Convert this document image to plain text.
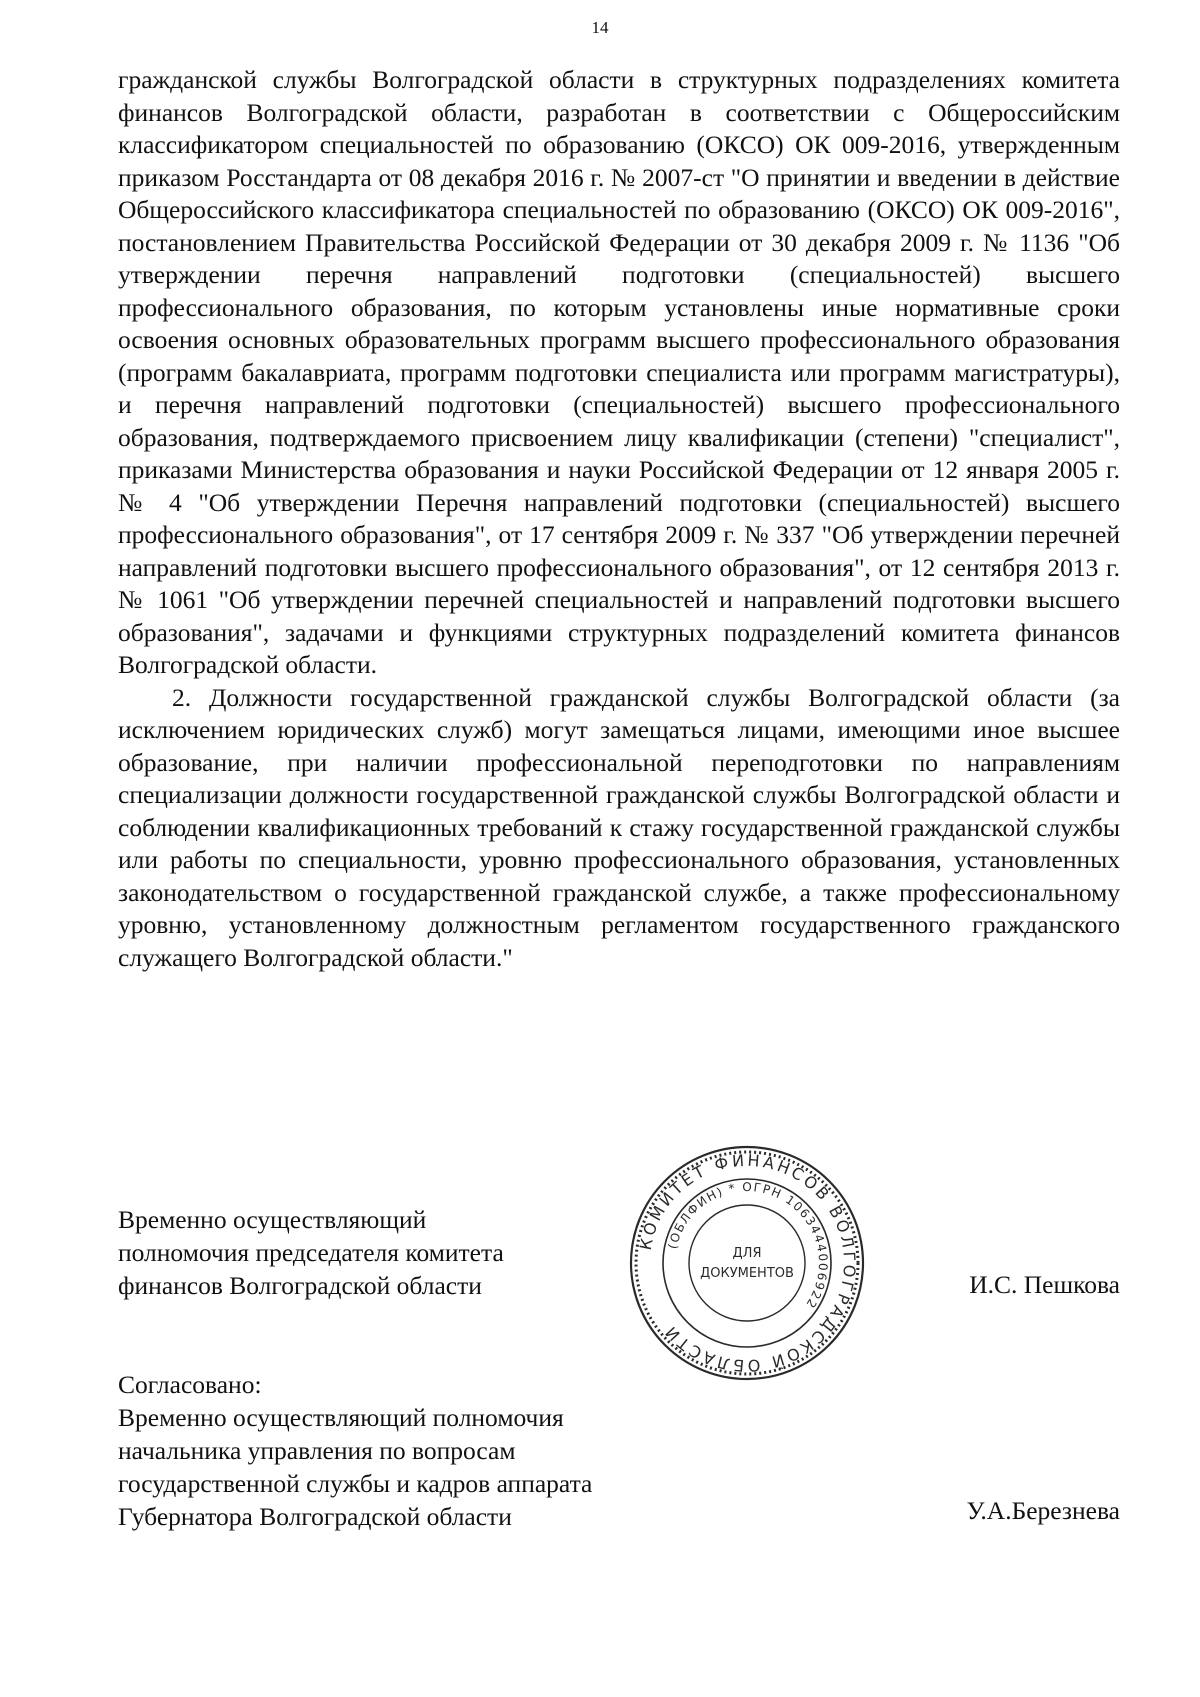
14

гражданской службы Волгоградской области в структурных подразделениях комитета финансов Волгоградской области, разработан в соответствии с Общероссийским классификатором специальностей по образованию (ОКСО) ОК 009-2016, утвержденным приказом Росстандарта от 08 декабря 2016 г. № 2007-ст "О принятии и введении в действие Общероссийского классификатора специальностей по образованию (ОКСО) ОК 009-2016", постановлением Правительства Российской Федерации от 30 декабря 2009 г. № 1136 "Об утверждении перечня направлений подготовки (специальностей) высшего профессионального образования, по которым установлены иные нормативные сроки освоения основных образовательных программ высшего профессионального образования (программ бакалавриата, программ подготовки специалиста или программ магистратуры), и перечня направлений подготовки (специальностей) высшего профессионального образования, подтверждаемого присвоением лицу квалификации (степени) "специалист", приказами Министерства образования и науки Российской Федерации от 12 января 2005 г. № 4 "Об утверждении Перечня направлений подготовки (специальностей) высшего профессионального образования", от 17 сентября 2009 г. № 337 "Об утверждении перечней направлений подготовки высшего профессионального образования", от 12 сентября 2013 г. № 1061 "Об утверждении перечней специальностей и направлений подготовки высшего образования", задачами и функциями структурных подразделений комитета финансов Волгоградской области.

2. Должности государственной гражданской службы Волгоградской области (за исключением юридических служб) могут замещаться лицами, имеющими иное высшее образование, при наличии профессиональной переподготовки по направлениям специализации должности государственной гражданской службы Волгоградской области и соблюдении квалификационных требований к стажу государственной гражданской службы или работы по специальности, уровню профессионального образования, установленных законодательством о государственной гражданской службе, а также профессиональному уровню, установленному должностным регламентом государственного гражданского служащего Волгоградской области."

Временно осуществляющий
полномочия председателя комитета
финансов Волгоградской области	И.С. Пешкова
КОМИТЕТ ФИНАНСОВ ВОЛГОГРАДСКОЙ ОБЛАСТИ
(ОБЛФИН) * ОГРН 1063444006922
ДЛЯ
ДОКУМЕНТОВ
Согласовано:
Временно осуществляющий полномочия
начальника управления по вопросам
государственной службы и кадров аппарата
Губернатора Волгоградской области	У.А.Березнева
